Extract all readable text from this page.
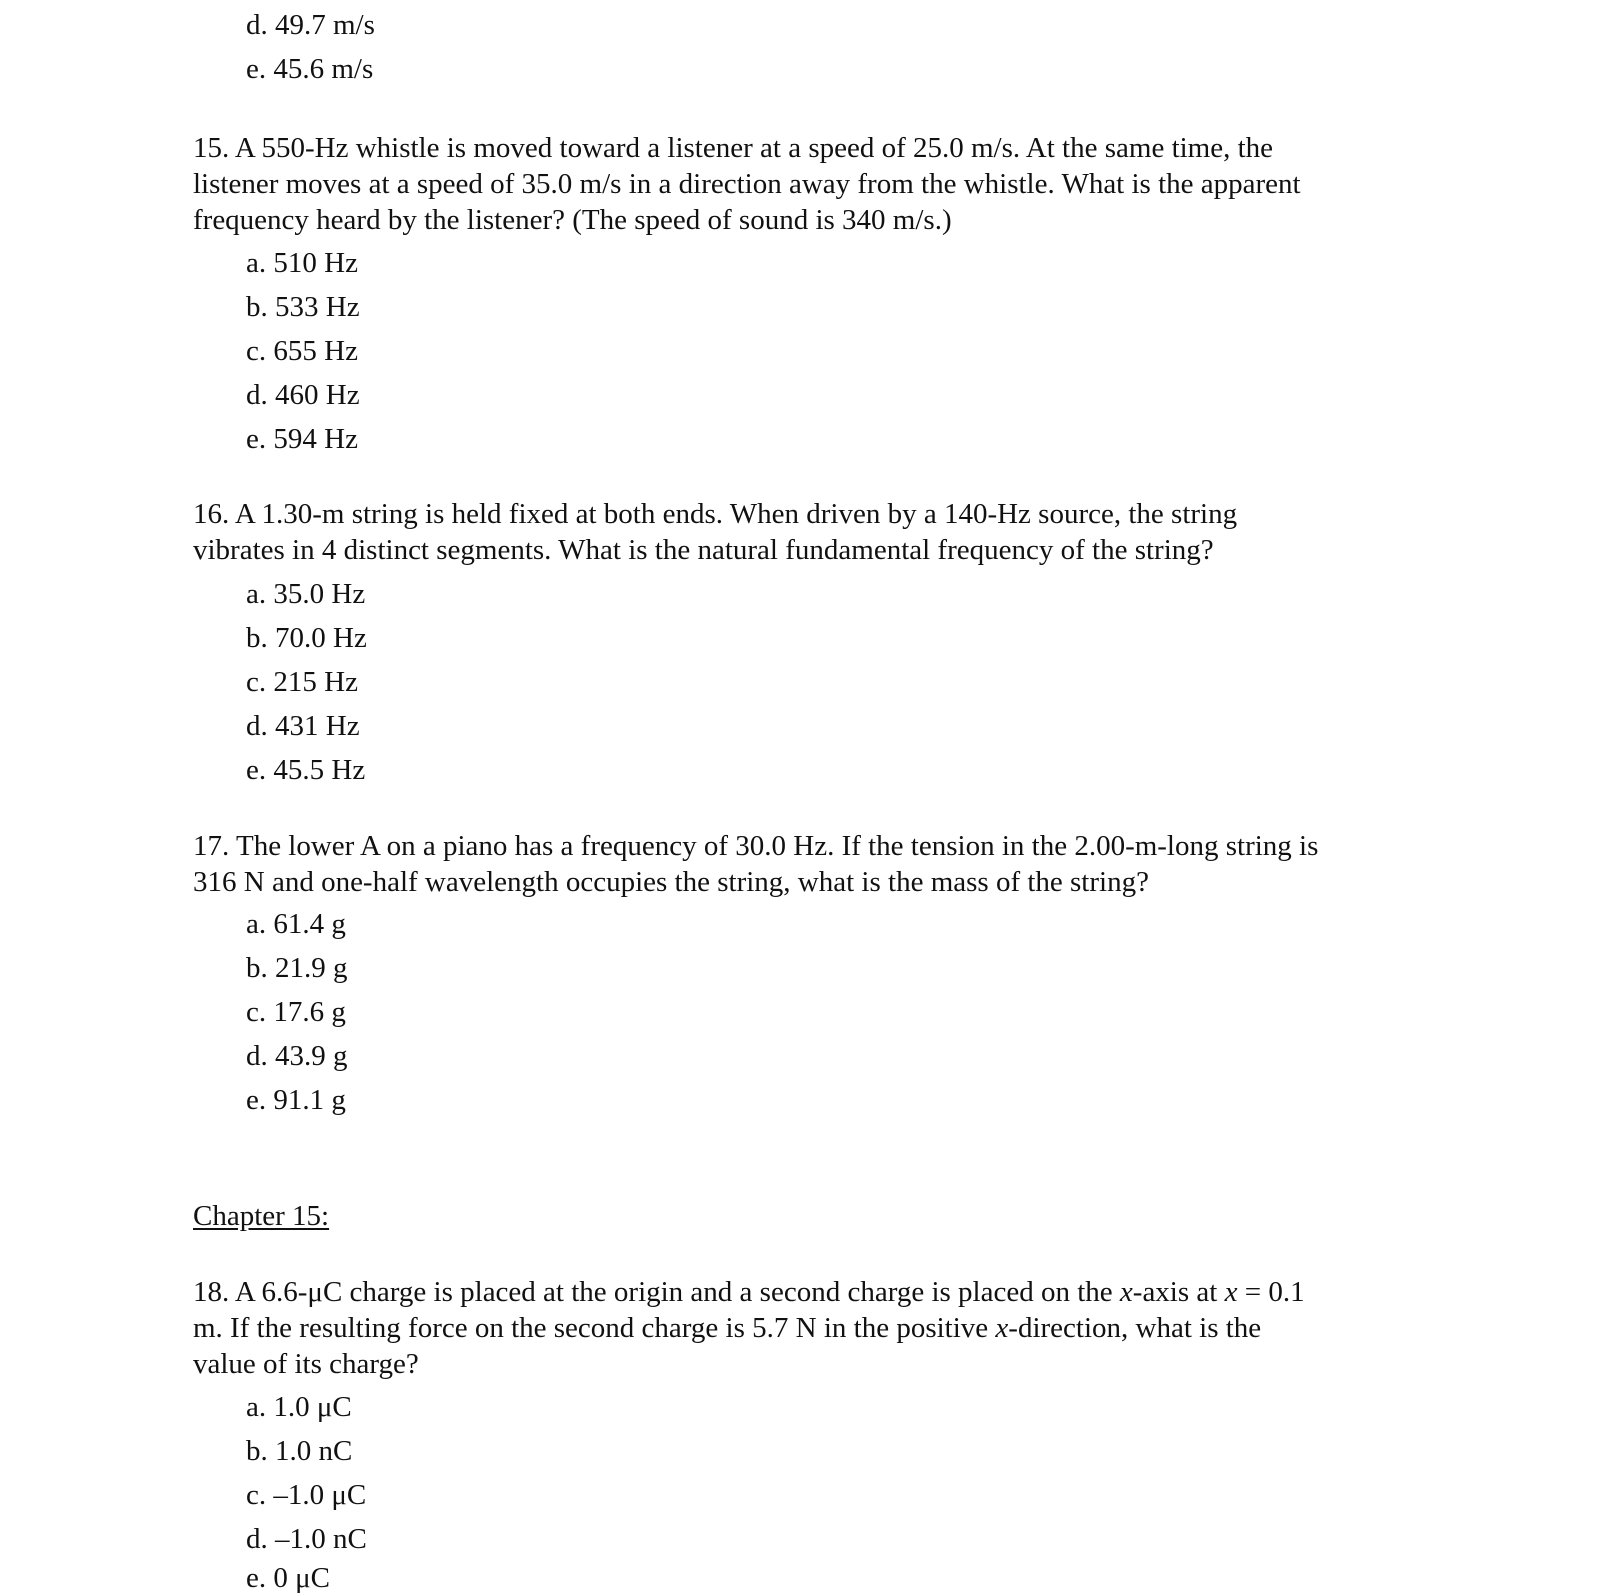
d. 49.7 m/s
e. 45.6 m/s
15. A 550-Hz whistle is moved toward a listener at a speed of 25.0 m/s. At the same time, the
listener moves at a speed of 35.0 m/s in a direction away from the whistle. What is the apparent
frequency heard by the listener? (The speed of sound is 340 m/s.)
a. 510 Hz
b. 533 Hz
c. 655 Hz
d. 460 Hz
e. 594 Hz
16. A 1.30-m string is held fixed at both ends. When driven by a 140-Hz source, the string
vibrates in 4 distinct segments. What is the natural fundamental frequency of the string?
a. 35.0 Hz
b. 70.0 Hz
c. 215 Hz
d. 431 Hz
e. 45.5 Hz
17. The lower A on a piano has a frequency of 30.0 Hz. If the tension in the 2.00-m-long string is
316 N and one-half wavelength occupies the string, what is the mass of the string?
a. 61.4 g
b. 21.9 g
c. 17.6 g
d. 43.9 g
e. 91.1 g
Chapter 15:
18. A 6.6-μC charge is placed at the origin and a second charge is placed on the x-axis at x = 0.1
m. If the resulting force on the second charge is 5.7 N in the positive x-direction, what is the
value of its charge?
a. 1.0 μC
b. 1.0 nC
c. –1.0 μC
d. –1.0 nC
e. 0 μC
